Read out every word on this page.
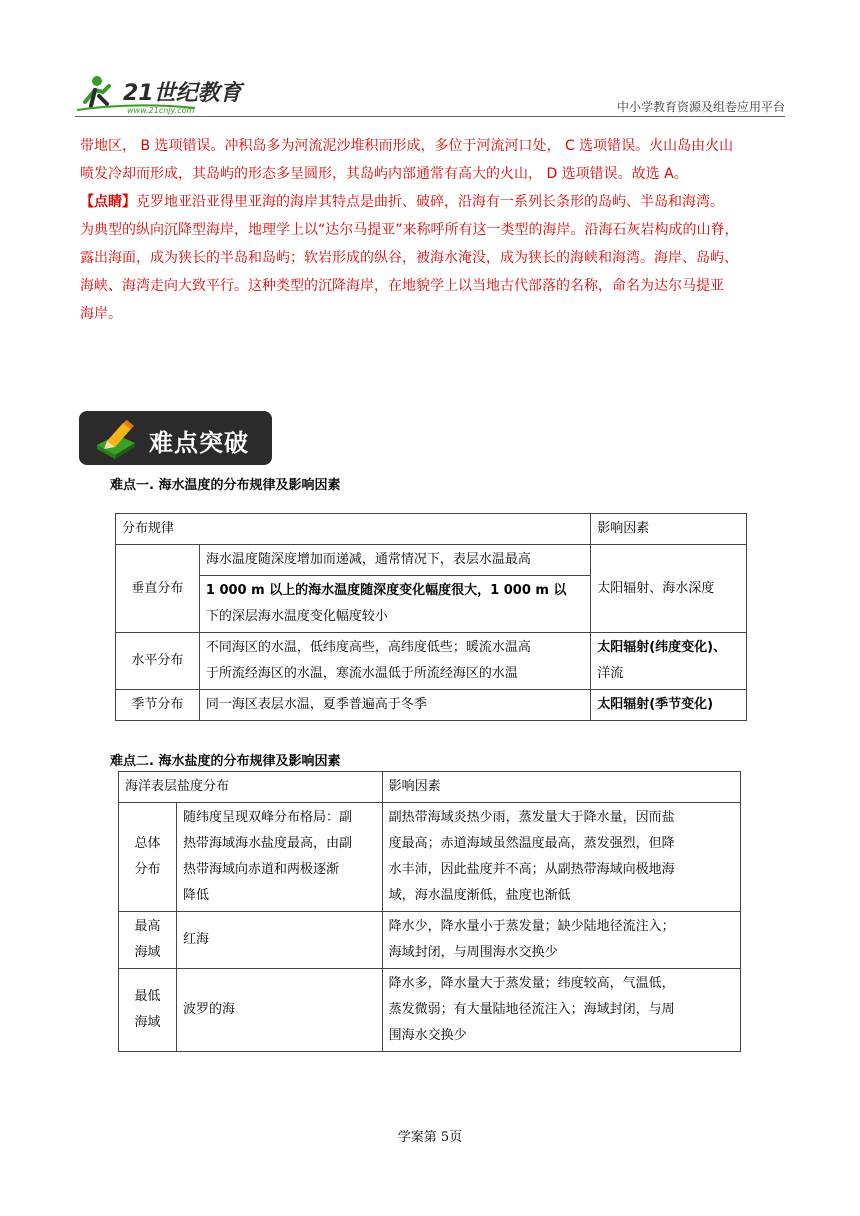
21世纪教育
www.21cnjy.com	中小学教育资源及组卷应用平台

带地区， B 选项错误。冲积岛多为河流泥沙堆积而形成，多位于河流河口处， C 选项错误。火山岛由火山

喷发冷却而形成，其岛屿的形态多呈圆形，其岛屿内部通常有高大的火山， D 选项错误。故选 A。

【点睛】克罗地亚沿亚得里亚海的海岸其特点是曲折、破碎，沿海有一系列长条形的岛屿、半岛和海湾。

为典型的纵向沉降型海岸，地理学上以“达尔马提亚”来称呼所有这一类型的海岸。沿海石灰岩构成的山脊，

露出海面，成为狭长的半岛和岛屿；软岩形成的纵谷，被海水淹没，成为狭长的海峡和海湾。海岸、岛屿、

海峡、海湾走向大致平行。这种类型的沉降海岸，在地貌学上以当地古代部落的名称，命名为达尔马提亚

海岸。

难点突破
难点一. 海水温度的分布规律及影响因素
分布规律		影响因素
垂直分布	海水温度随深度增加而递减，通常情况下，表层水温最高	太阳辐射、海水深度
	1 000 m 以上的海水温度随深度变化幅度很大，1 000 m 以
下的深层海水温度变化幅度较小	
水平分布	不同海区的水温，低纬度高些，高纬度低些；暖流水温高
于所流经海区的水温，寒流水温低于所流经海区的水温	太阳辐射(纬度变化)、
洋流
季节分布	同一海区表层水温，夏季普遍高于冬季	太阳辐射(季节变化)
难点二. 海水盐度的分布规律及影响因素
海洋表层盐度分布		影响因素
总体
分布	随纬度呈现双峰分布格局：副
热带海域海水盐度最高，由副
热带海域向赤道和两极逐渐
降低	副热带海域炎热少雨，蒸发量大于降水量，因而盐
度最高；赤道海域虽然温度最高，蒸发强烈，但降
水丰沛，因此盐度并不高；从副热带海域向极地海
域，海水温度渐低，盐度也渐低
最高
海域	红海	降水少，降水量小于蒸发量；缺少陆地径流注入；
海域封闭，与周围海水交换少
最低
海域	波罗的海	降水多，降水量大于蒸发量；纬度较高，气温低，
蒸发微弱；有大量陆地径流注入；海域封闭，与周
围海水交换少
学案第 5页
